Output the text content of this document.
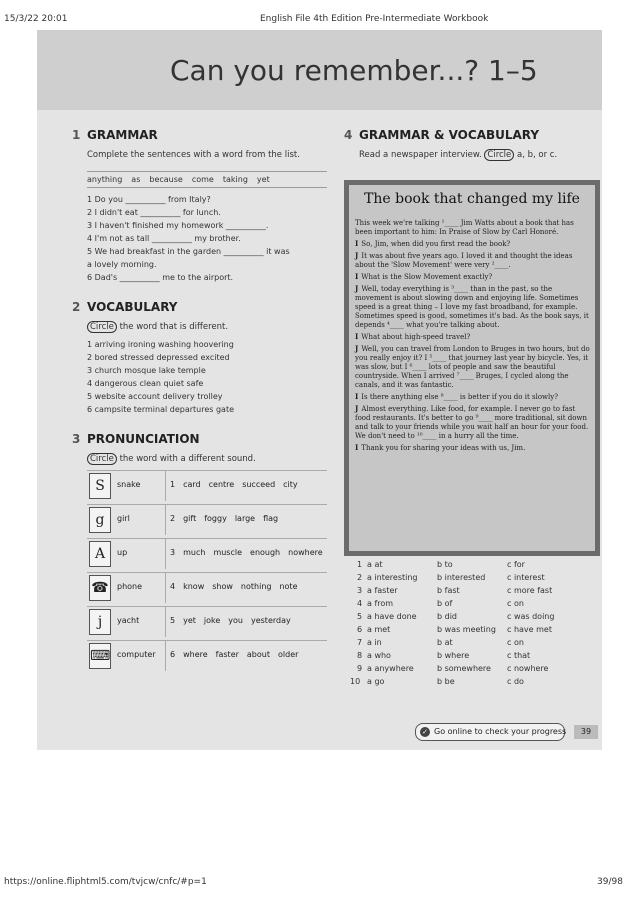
15/3/22 20:01	English File 4th Edition Pre-Intermediate Workbook
https://online.fliphtml5.com/tvjcw/cnfc/#p=1	39/98
Can you remember...? 1–5
1 GRAMMAR
Complete the sentences with a word from the list.
anything as because come taking yet
1 Do you __________ from Italy?
2 I didn't eat __________ for lunch.
3 I haven't finished my homework __________.
4 I'm not as tall __________ my brother.
5 We had breakfast in the garden __________ it was
a lovely morning.
6 Dad's __________ me to the airport.
2 VOCABULARY
Circle the word that is different.
1 arriving ironing washing hoovering
2 bored stressed depressed excited
3 church mosque lake temple
4 dangerous clean quiet safe
5 website account delivery trolley
6 campsite terminal departures gate
3 PRONUNCIATION
Circle the word with a different sound.
S	snake	1 card centre succeed city
g	girl	2 gift foggy large flag
A	up	3 much muscle enough nowhere
☎ phone	4 know show nothing note
j	yacht	5 yet joke you yesterday
⌨ computer 6 where faster about older
4 GRAMMAR & VOCABULARY
Read a newspaper interview. Circle a, b, or c.
The book that changed my life

This week we're talking ¹____ Jim Watts about a book that has been important to him: In Praise of Slow by Carl Honoré.

I So, Jim, when did you first read the book?

J It was about five years ago. I loved it and thought the ideas about the 'Slow Movement' were very ²____.

I What is the Slow Movement exactly?

J Well, today everything is ³____ than in the past, so the movement is about slowing down and enjoying life. Sometimes speed is a great thing – I love my fast broadband, for example. Sometimes speed is good, sometimes it's bad. As the book says, it depends ⁴____ what you're talking about.

I What about high-speed travel?

J Well, you can travel from London to Bruges in two hours, but do you really enjoy it? I ⁵____ that journey last year by bicycle. Yes, it was slow, but I ⁶____ lots of people and saw the beautiful countryside. When I arrived ⁷____ Bruges, I cycled along the canals, and it was fantastic.

I Is there anything else ⁸____ is better if you do it slowly?

J Almost everything. Like food, for example. I never go to fast food restaurants. It's better to go ⁹____ more traditional, sit down and talk to your friends while you wait half an hour for your food. We don't need to ¹⁰____ in a hurry all the time.

I Thank you for sharing your ideas with us, Jim.

1 a at	b to	c for
2 a interesting b interested	c interest
3 a faster	b fast	c more fast
4 a from	b of	c on
5 a have done	b did	c was doing
6 a met	b was meeting c have met
7 a in	b at	c on
8 a who	b where	c that
9 a anywhere	b somewhere c nowhere
10 a go	b be	c do
✓ Go online to check your progress	39
